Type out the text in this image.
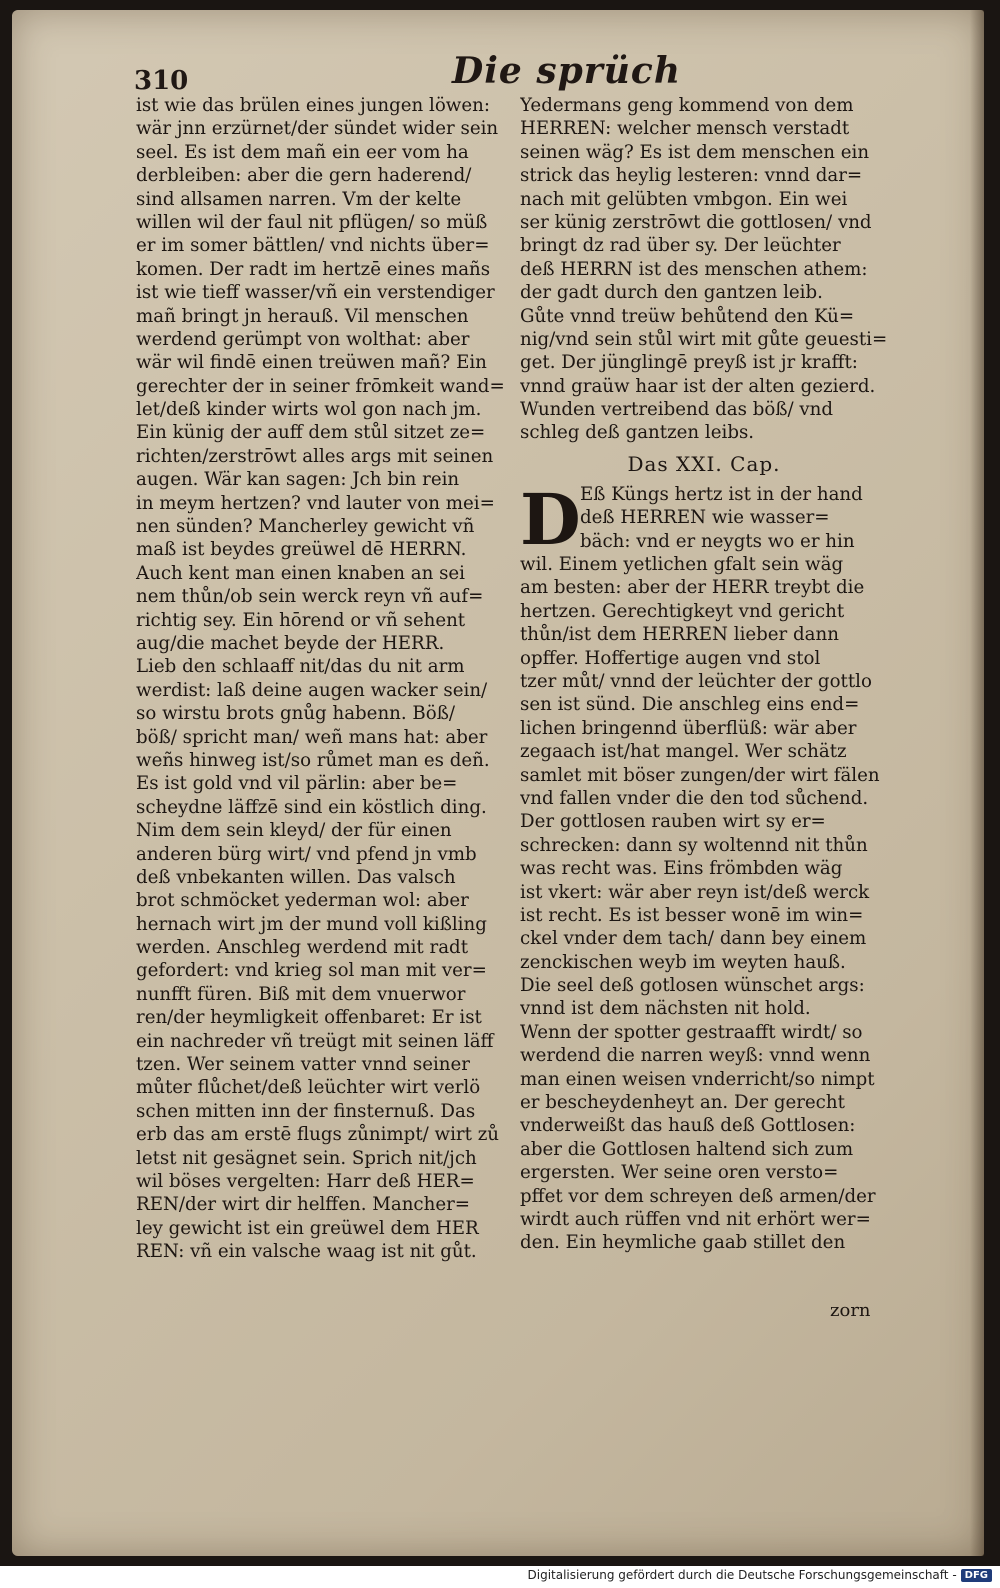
310	Die sprüch
ist wie das brülen eines jungen löwen:
wär jnn erzürnet/der sündet wider sein
seel. Es ist dem mañ ein eer vom ha
derbleiben: aber die gern haderend/
sind allsamen narren. Vm der kelte
willen wil der faul nit pflügen/ so müß
er im somer bättlen/ vnd nichts über=
komen. Der radt im hertzē eines mañs
ist wie tieff wasser/vñ ein verstendiger
mañ bringt jn herauß. Vil menschen
werdend gerümpt von wolthat: aber
wär wil findē einen treüwen mañ? Ein
gerechter der in seiner frōmkeit wand=
let/deß kinder wirts wol gon nach jm.
Ein künig der auff dem stůl sitzet ze=
richten/zerstrōwt alles args mit seinen
augen. Wär kan sagen: Jch bin rein
in meym hertzen? vnd lauter von mei=
nen sünden? Mancherley gewicht vñ
maß ist beydes greüwel dē HERRN.
Auch kent man einen knaben an sei
nem thůn/ob sein werck reyn vñ auf=
richtig sey. Ein hōrend or vñ sehent
aug/die machet beyde der HERR.
Lieb den schlaaff nit/das du nit arm
werdist: laß deine augen wacker sein/
so wirstu brots gnůg habenn. Böß/
böß/ spricht man/ weñ mans hat: aber
weñs hinweg ist/so růmet man es deñ.
Es ist gold vnd vil pärlin: aber be=
scheydne läffzē sind ein köstlich ding.
Nim dem sein kleyd/ der für einen
anderen bürg wirt/ vnd pfend jn vmb
deß vnbekanten willen. Das valsch
brot schmöcket yederman wol: aber
hernach wirt jm der mund voll kißling
werden. Anschleg werdend mit radt
gefordert: vnd krieg sol man mit ver=
nunfft füren. Biß mit dem vnuerwor
ren/der heymligkeit offenbaret: Er ist
ein nachreder vñ treügt mit seinen läff
tzen. Wer seinem vatter vnnd seiner
můter flůchet/deß leüchter wirt verlö
schen mitten inn der finsternuß. Das
erb das am erstē flugs zůnimpt/ wirt zů
letst nit gesägnet sein. Sprich nit/jch
wil böses vergelten: Harr deß HER=
REN/der wirt dir helffen. Mancher=
ley gewicht ist ein greüwel dem HER
REN: vñ ein valsche waag ist nit gůt.
Yedermans geng kommend von dem
HERREN: welcher mensch verstadt
seinen wäg? Es ist dem menschen ein
strick das heylig lesteren: vnnd dar=
nach mit gelübten vmbgon. Ein wei
ser künig zerstrōwt die gottlosen/ vnd
bringt dz rad über sy. Der leüchter
deß HERRN ist des menschen athem:
der gadt durch den gantzen leib.
Gůte vnnd treüw behůtend den Kü=
nig/vnd sein stůl wirt mit gůte geuesti=
get. Der jünglingē preyß ist jr krafft:
vnnd graüw haar ist der alten gezierd.
Wunden vertreibend das böß/ vnd
schleg deß gantzen leibs.
Das XXI. Cap.
D Eß Küngs hertz ist in der hand
deß HERREN wie wasser=
bäch: vnd er neygts wo er hin
wil. Einem yetlichen gfalt sein wäg
am besten: aber der HERR treybt die
hertzen. Gerechtigkeyt vnd gericht
thůn/ist dem HERREN lieber dann
opffer. Hoffertige augen vnd stol
tzer můt/ vnnd der leüchter der gottlo
sen ist sünd. Die anschleg eins end=
lichen bringennd überflüß: wär aber
zegaach ist/hat mangel. Wer schätz
samlet mit böser zungen/der wirt fälen
vnd fallen vnder die den tod sůchend.
Der gottlosen rauben wirt sy er=
schrecken: dann sy woltennd nit thůn
was recht was. Eins frömbden wäg
ist vkert: wär aber reyn ist/deß werck
ist recht. Es ist besser wonē im win=
ckel vnder dem tach/ dann bey einem
zenckischen weyb im weyten hauß.
Die seel deß gotlosen wünschet args:
vnnd ist dem nächsten nit hold.
Wenn der spotter gestraafft wirdt/ so
werdend die narren weyß: vnnd wenn
man einen weisen vnderricht/so nimpt
er bescheydenheyt an. Der gerecht
vnderweißt das hauß deß Gottlosen:
aber die Gottlosen haltend sich zum
ergersten. Wer seine oren versto=
pffet vor dem schreyen deß armen/der
wirdt auch rüffen vnd nit erhört wer=
den. Ein heymliche gaab stillet den
zorn
Digitalisierung gefördert durch die Deutsche Forschungsgemeinschaft - DFG
